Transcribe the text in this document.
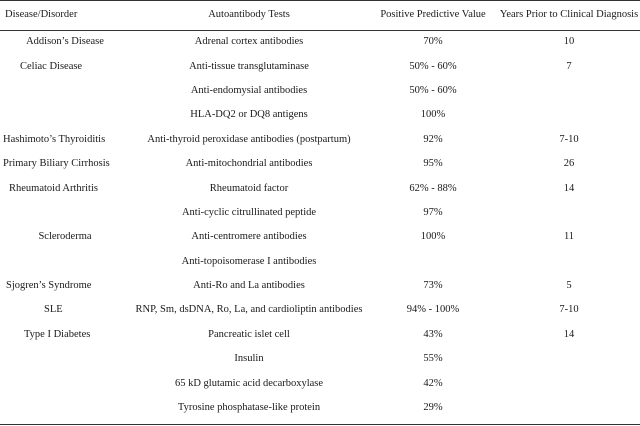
Disease/Disorder	Autoantibody Tests	Positive Predictive Value	Years Prior to Clinical Diagnosis
Addison’s Disease	Adrenal cortex antibodies	70%	10
Celiac Disease	Anti-tissue transglutaminase	50% - 60%	7
	Anti-endomysial antibodies	50% - 60%	
	HLA-DQ2 or DQ8 antigens	100%	
Hashimoto’s Thyroiditis	Anti-thyroid peroxidase antibodies (postpartum)	92%	7-10
Primary Biliary Cirrhosis	Anti-mitochondrial antibodies	95%	26
Rheumatoid Arthritis	Rheumatoid factor	62% - 88%	14
	Anti-cyclic citrullinated peptide	97%	
Scleroderma	Anti-centromere antibodies	100%	11
	Anti-topoisomerase I antibodies		
Sjogren’s Syndrome	Anti-Ro and La antibodies	73%	5
SLE	RNP, Sm, dsDNA, Ro, La, and cardioliptin antibodies	94% - 100%	7-10
Type I Diabetes	Pancreatic islet cell	43%	14
	Insulin	55%	
	65 kD glutamic acid decarboxylase	42%	
	Tyrosine phosphatase-like protein	29%	
